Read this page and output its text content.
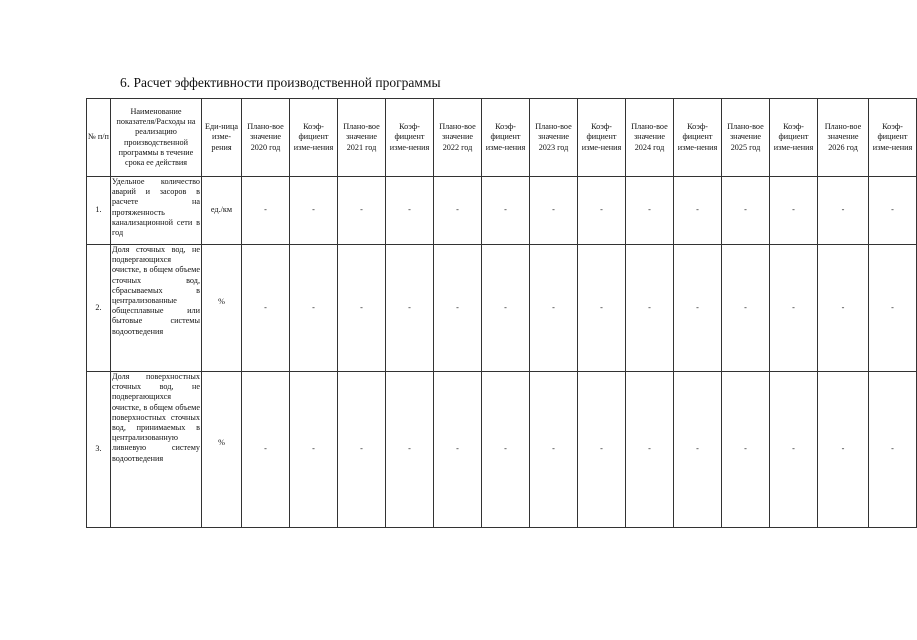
6. Расчет эффективности производственной программы
№ п/п	Наименование показателя/Расходы на реализацию производственной программы в течение срока ее действия	Еди-ница изме-рения	Плано-вое значение 2020 год	Коэф-фициент изме-нения	Плано-вое значение 2021 год	Коэф-фициент изме-нения	Плано-вое значение 2022 год	Коэф-фициент изме-нения	Плано-вое значение 2023 год	Коэф-фициент изме-нения	Плано-вое значение 2024 год	Коэф-фициент изме-нения	Плано-вое значение 2025 год	Коэф-фициент изме-нения	Плано-вое значение 2026 год	Коэф-фициент изме-нения
1.	Удельное количество аварий и засоров в расчете на протяженность канализационной сети в год	ед./км	-	-	-	-	-	-	-	-	-	-	-	-	-	-
2.	Доля сточных вод, не подвергающихся очистке, в общем объеме сточных вод, сбрасываемых в централизованные общесплавные или бытовые системы водоотведения	%	-	-	-	-	-	-	-	-	-	-	-	-	-	-
3.	Доля поверхностных сточных вод, не подвергающихся очистке, в общем объеме поверхностных сточных вод, принимаемых в централизованную ливневую систему водоотведения	%	-	-	-	-	-	-	-	-	-	-	-	-	-	-
